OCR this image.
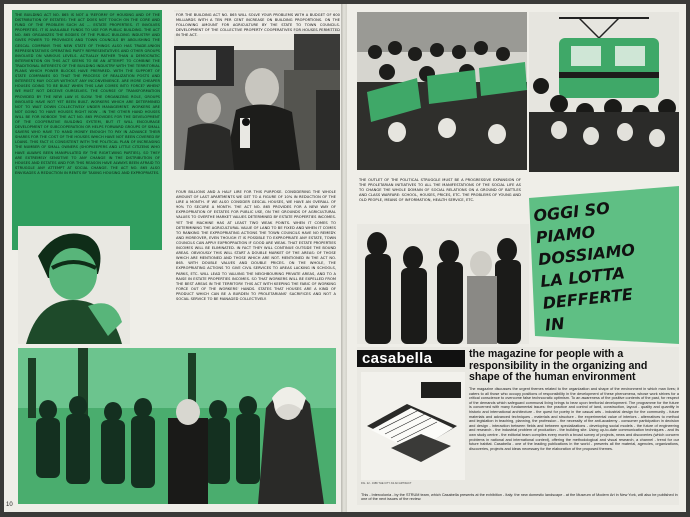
THE BUILDING ACT NO. 865 IS NOT A 'REFORM' OF HOUSING AND OF THE DISTRIBUTION OF ESTATES: THE ACT DOES NOT TOUCH ON THE CORE AND FUND OF THE PROBLEM SUCH AS ... ESTATE PROPERTIES. IT INVOLVES PROPERTIES. IT IS AVAILABLE FUNDS TO USE FOR PUBLIC BUILDING. THE ACT NO. 865 ORGANIZES THE BODIES OF THE PUBLIC BUILDING INDUSTRY AND GIVES POWER TO PROVINCES AND TOWN COUNCILS BY ABOLISHING THE GESCAL COMPANY. THIS NEW STATE OF THINGS ALSO HAS TRADE-UNION REPRESENTATIVES OPERATING PARTY REPRESENTATIVES AND OTHER GROUPS INVOLVED ON VARIOUS LEVELS. ACTUALLY RATHER THAN A DEMOCRATIC INTERVENTION ON THIS ACT SEEMS TO BE AN ATTEMPT TO COMBINE THE TRADITIONAL INTERESTS OF THE BUILDING INDUSTRY WITH THE TERRITORIAL PLANS WHICH POWER BLOCKS HAVE PREPARED. WITH THE SUPPORT OF STATE COMPANIES SO THAT THE PROCESS OF REALIZATION POSTS AND INTERESTS MAY OCCUR WITHOUT ANY INCONVENIENCE. ARE MORE CHEAPER HOUSES GOING TO BE BUILT WHEN THIS LAW COMES INTO FORCE? WHEN? WE MUST NOT DECEIVE OURSELVES. THE COURSE OF TRANSFORMATION PROVIDED BY THE NEW LAW IS SLOW. THE ORGANIZING ROLE, GROUPS INVOLVED HAVE NOT YET BEEN BUILT. WORKERS WHICH ARE DETERMINED NOT TO WAIT DOWN COLLECTIVELY UNDER MANAGEMENT. WORKERS ARE NOT GOING TO HAVE HOUSES RIGHT NOW - IN THE OTHER HAND HOUSES WILL BE FOR NOBODY. THE ACT NO. 865 PROVIDES FOR THE DEVELOPMENT OF THE COOPERATIVE BUILDING SYSTEM, BUT IT WILL ENCOURAGE DEVELOPMENT OF SUBCOOPERATION OR HELPS FORWARD GROUPS OF SMALL SAVERS WHO HAVE TO HAND MONEY ENOUGH TO PAY IN ADVANCE THEIR SHARES FOR THE COST OF THE HOUSES WHICH HAVE NOT BEEN COVERED BY LOANS. THIS FACT IS CONSISTENT WITH THE POLITICAL PLAN OF INCREASING THE NUMBER OF SMALL OWNERS (SHOPKEEPERS AND LITTLE CITIZENS WHO HAVE ALWAYS BEEN MANIPULATED BY THE RIGHT-WING PARTIES). SO THEY ARE EXTREMELY SENSITIVE TO ANY CHANGE IN THE DISTRIBUTION OF HOUSES AND ESTATES AND FOR THIS REASON HAVE ALWAYS BEEN AFRAID TO STRUGGLE ANY ATTEMPT AT SOCIAL CHANGE. THE ACT NO. 865 ALSO ENVISAGES A REDUCTION IN RENTS BY TAXING HOUSING AND EXPROPRIATES.
FOR THE BUILDING ACT NO. 865 WILL SOLVE YOUR PROBLEMS WITH A BUDGET OF 600 MILLIARDS WITH A TEN PER CENT INCREASE ON BUILDING PROPORTIONS. ON THE FOLLOWING AMOUNT FOR AGRICULTURE BY THE STATE TO TOWN COUNCILS. DEVELOPMENT OF THE COLLECTIVE PROPERTY COOPERATIVES FOR HOUSES PERMITTED IN THE ACT.
FOUR BILLIONS AND A HALF LIRE FOR THIS PURPOSE. CONSIDERING THE WHOLE AMOUNT OF LAST APARTMENTS WE GET TO A FIGURE OF 10% IN REDUCTION OF THE LIRE A MONTH. IF WE ALSO CONSIDER GESCAL HOUSES, WE HAVE AN OVERALL OF 90% TO SECURE A MONTH. THE ACT NO. 865 PROVIDES FOR A NEW WAY OF EXPROPRIATION OF ESTATES FOR PUBLIC USE, ON THE GROUNDS OF AGRICULTURAL VALUES TO OVERTHE MARKET VALUES DETERMINED BY ESTATE PROPERTIES INCOMES. YET THE MACHINE HAS AT LEAST TWO WEAK POINTS. WHEN IT COMES TO DETERMINING THE AGRICULTURAL VALUE OF LAND TO BE FIXED AND WHEN IT COMES TO RANKING THE EXPROPRIATING ACTIONS THE TOWN COUNCILS HAVE NO REMEDY. AND MOREOVER, EVEN THOUGH IT IS POSSIBLE TO EXPROPRIATE ANY ESTATE, TOWN COUNCILS CAN APPLY EXPROPRIATION IF GOOD ARE WEAK. THAT ESTATE PROPERTIES INCOMES WILL BE ELIMINATED. IN FACT THEY WILL CONTINUE OUTSIDE THE BOUND AREAS. OBVIOUSLY THIS WILL START A DOUBLE MARKET OF THE AREAS: OF THOSE WHICH ARE MENTIONED AND THOSE WHICH ARE NOT. MENTIONED IN THE ACT NO. 865. WITH DOUBLE VALUES AND DOUBLE PRICES. ON THE WHOLE, THE EXPROPRIATING ACTIONS TO GIVE CIVIL SERVICES TO AREAS LACKING IN SCHOOLS, PARKS, ETC. WILL LEAD TO VALUING THE NEIGHBOURING PRIVATE AREAS, AND TO A RAISE IN ESTATE PROPERTIES INCOMES. SO THAT WORKERS WILL BE EXPELLED FROM THE BEST AREAS IN THE TERRITORY. THIS ACT WITH KEEPING THE FABIC OF WORKING FORCE OUT OF THE WORKERS' HANDS. STATES THAT HOUSES ARE A KIND OF PRODUCT WHICH CAN BE A BURDEN TO PROLETARIANS' SACRIFICES AND NOT A SOCIAL SERVICE TO BE MANAGED COLLECTIVELY.
10
THE OUTLET OF THE POLITICAL STRUGGLE MUST BE A PROGRESSIVE EXPANSION OF THE PROLETARIAN INITIATIVES TO ALL THE MANIFESTATIONS OF THE SOCIAL LIFE AS TO CHANGE THE WHOLE DOMAIN OF SOCIAL RELATIONS ON A GROUND OF BATTLES AND CLASS WARFARE: SCHOOL, HOUSES, PRICES, ETC. THE PROBLEMS OF YOUNG AND OLD PEOPLE, MEANS OF INFORMATION, HEALTH SERVICE, ETC.	OGGI SO
PIAMO DOSSIAMO
LA LOTTA
DEFFERTE
IN
casabella	the magazine for people with a responsibility in the organizing and shape of the human environment
The magazine discusses the urgent themes related to the organization and shape of the environment in which man lives; it caters to all those who occupy positions of responsibility in the development of these phenomena, whose work strives for a critical conscience to overcome false technocratic optimism. To an awareness of the positive contents of the past, for respect of the demands which safeguard communal living brings to bear upon territorial development. The programme for the future is concerned with many fundamental issues: the practice and control of land, construction, layout - quality and quantity in historic and international architecture - the quest for poetry in the casual arts - industrial design for the community - future materials and advanced techniques - materials and structure - the experimental value of interiors - alternatives to method and legislation in teaching, planning, the profession - the necessity of the anti-academy - consumer participation in decision and design - interaction between fields and between specializations - developing social models - the future of engineering and research - the industrial problem of production - the building site. Using up-to-date communication techniques - and its own study centre - the editorial team compiles every month a broad survey of projects, news and discoveries (which concern problems in national and international context), offering the methodological and visual research, a channel - trend for our future habitat. Casabella - one of the leading publications in the world - presents all the material, agencies, organizations, discoveries, projects and ideas necessary for the elaboration of the proposed themes.
FIG. 22 - 1986 THE CITY AS AN ARTIFACT
This - Intercolonia - by the STRUM team, which Casabella presents at the exhibition - Italy: the new domestic landscape - at the Museum of Modern Art in New York, will also be published in one of the next issues of the review.
